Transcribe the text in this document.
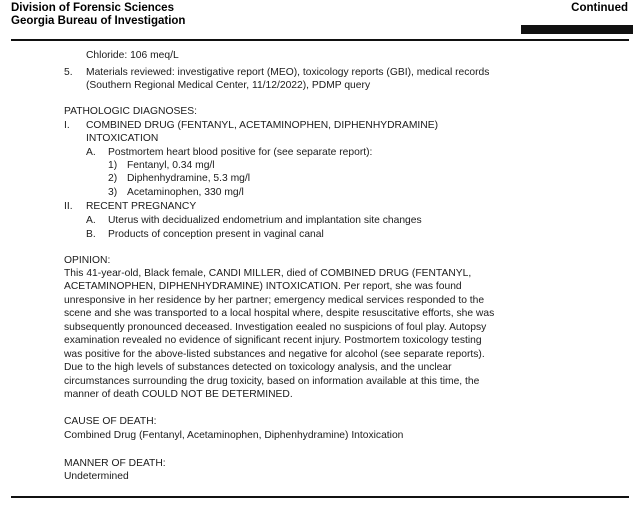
Division of Forensic Sciences
Georgia Bureau of Investigation
Continued
Chloride: 106 meq/L
5. Materials reviewed: investigative report (MEO), toxicology reports (GBI), medical records
(Southern Regional Medical Center, 11/12/2022), PDMP query
PATHOLOGIC DIAGNOSES:
I. COMBINED DRUG (FENTANYL, ACETAMINOPHEN, DIPHENHYDRAMINE)
INTOXICATION
A. Postmortem heart blood positive for (see separate report):
1) Fentanyl, 0.34 mg/l
2) Diphenhydramine, 5.3 mg/l
3) Acetaminophen, 330 mg/l
II. RECENT PREGNANCY
A. Uterus with decidualized endometrium and implantation site changes
B. Products of conception present in vaginal canal
OPINION:
This 41-year-old, Black female, CANDI MILLER, died of COMBINED DRUG (FENTANYL,
ACETAMINOPHEN, DIPHENHYDRAMINE) INTOXICATION. Per report, she was found
unresponsive in her residence by her partner; emergency medical services responded to the
scene and she was transported to a local hospital where, despite resuscitative efforts, she was
subsequently pronounced deceased. Investigation eealed no suspicions of foul play. Autopsy
examination revealed no evidence of significant recent injury. Postmortem toxicology testing
was positive for the above-listed substances and negative for alcohol (see separate reports).
Due to the high levels of substances detected on toxicology analysis, and the unclear
circumstances surrounding the drug toxicity, based on information available at this time, the
manner of death COULD NOT BE DETERMINED.
CAUSE OF DEATH:
Combined Drug (Fentanyl, Acetaminophen, Diphenhydramine) Intoxication
MANNER OF DEATH:
Undetermined
